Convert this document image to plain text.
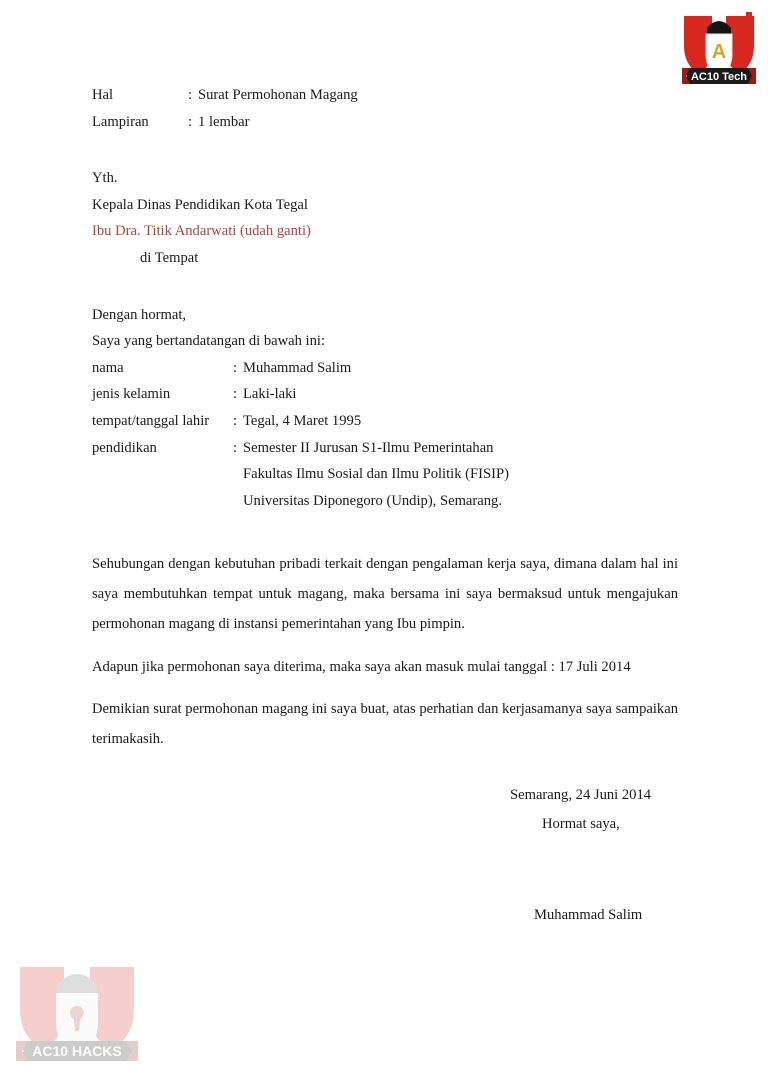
A
AC10 Tech
Hal	: Surat Permohonan Magang
Lampiran	: 1 lembar
Yth.
Kepala Dinas Pendidikan Kota Tegal
Ibu Dra. Titik Andarwati (udah ganti)
di Tempat
Dengan hormat,
Saya yang bertandatangan di bawah ini:
nama	: Muhammad Salim
jenis kelamin	: Laki-laki
tempat/tanggal lahir	: Tegal, 4 Maret 1995
pendidikan	: Semester II Jurusan S1-Ilmu Pemerintahan
Fakultas Ilmu Sosial dan Ilmu Politik (FISIP)
Universitas Diponegoro (Undip), Semarang.

Sehubungan dengan kebutuhan pribadi terkait dengan pengalaman kerja saya, dimana dalam hal ini saya membutuhkan tempat untuk magang, maka bersama ini saya bermaksud untuk mengajukan permohonan magang di instansi pemerintahan yang Ibu pimpin.

Adapun jika permohonan saya diterima, maka saya akan masuk mulai tanggal : 17 Juli 2014

Demikian surat permohonan magang ini saya buat, atas perhatian dan kerjasamanya saya sampaikan terimakasih.

Semarang, 24 Juni 2014
Hormat saya,
Muhammad Salim
AC10 HACKS
